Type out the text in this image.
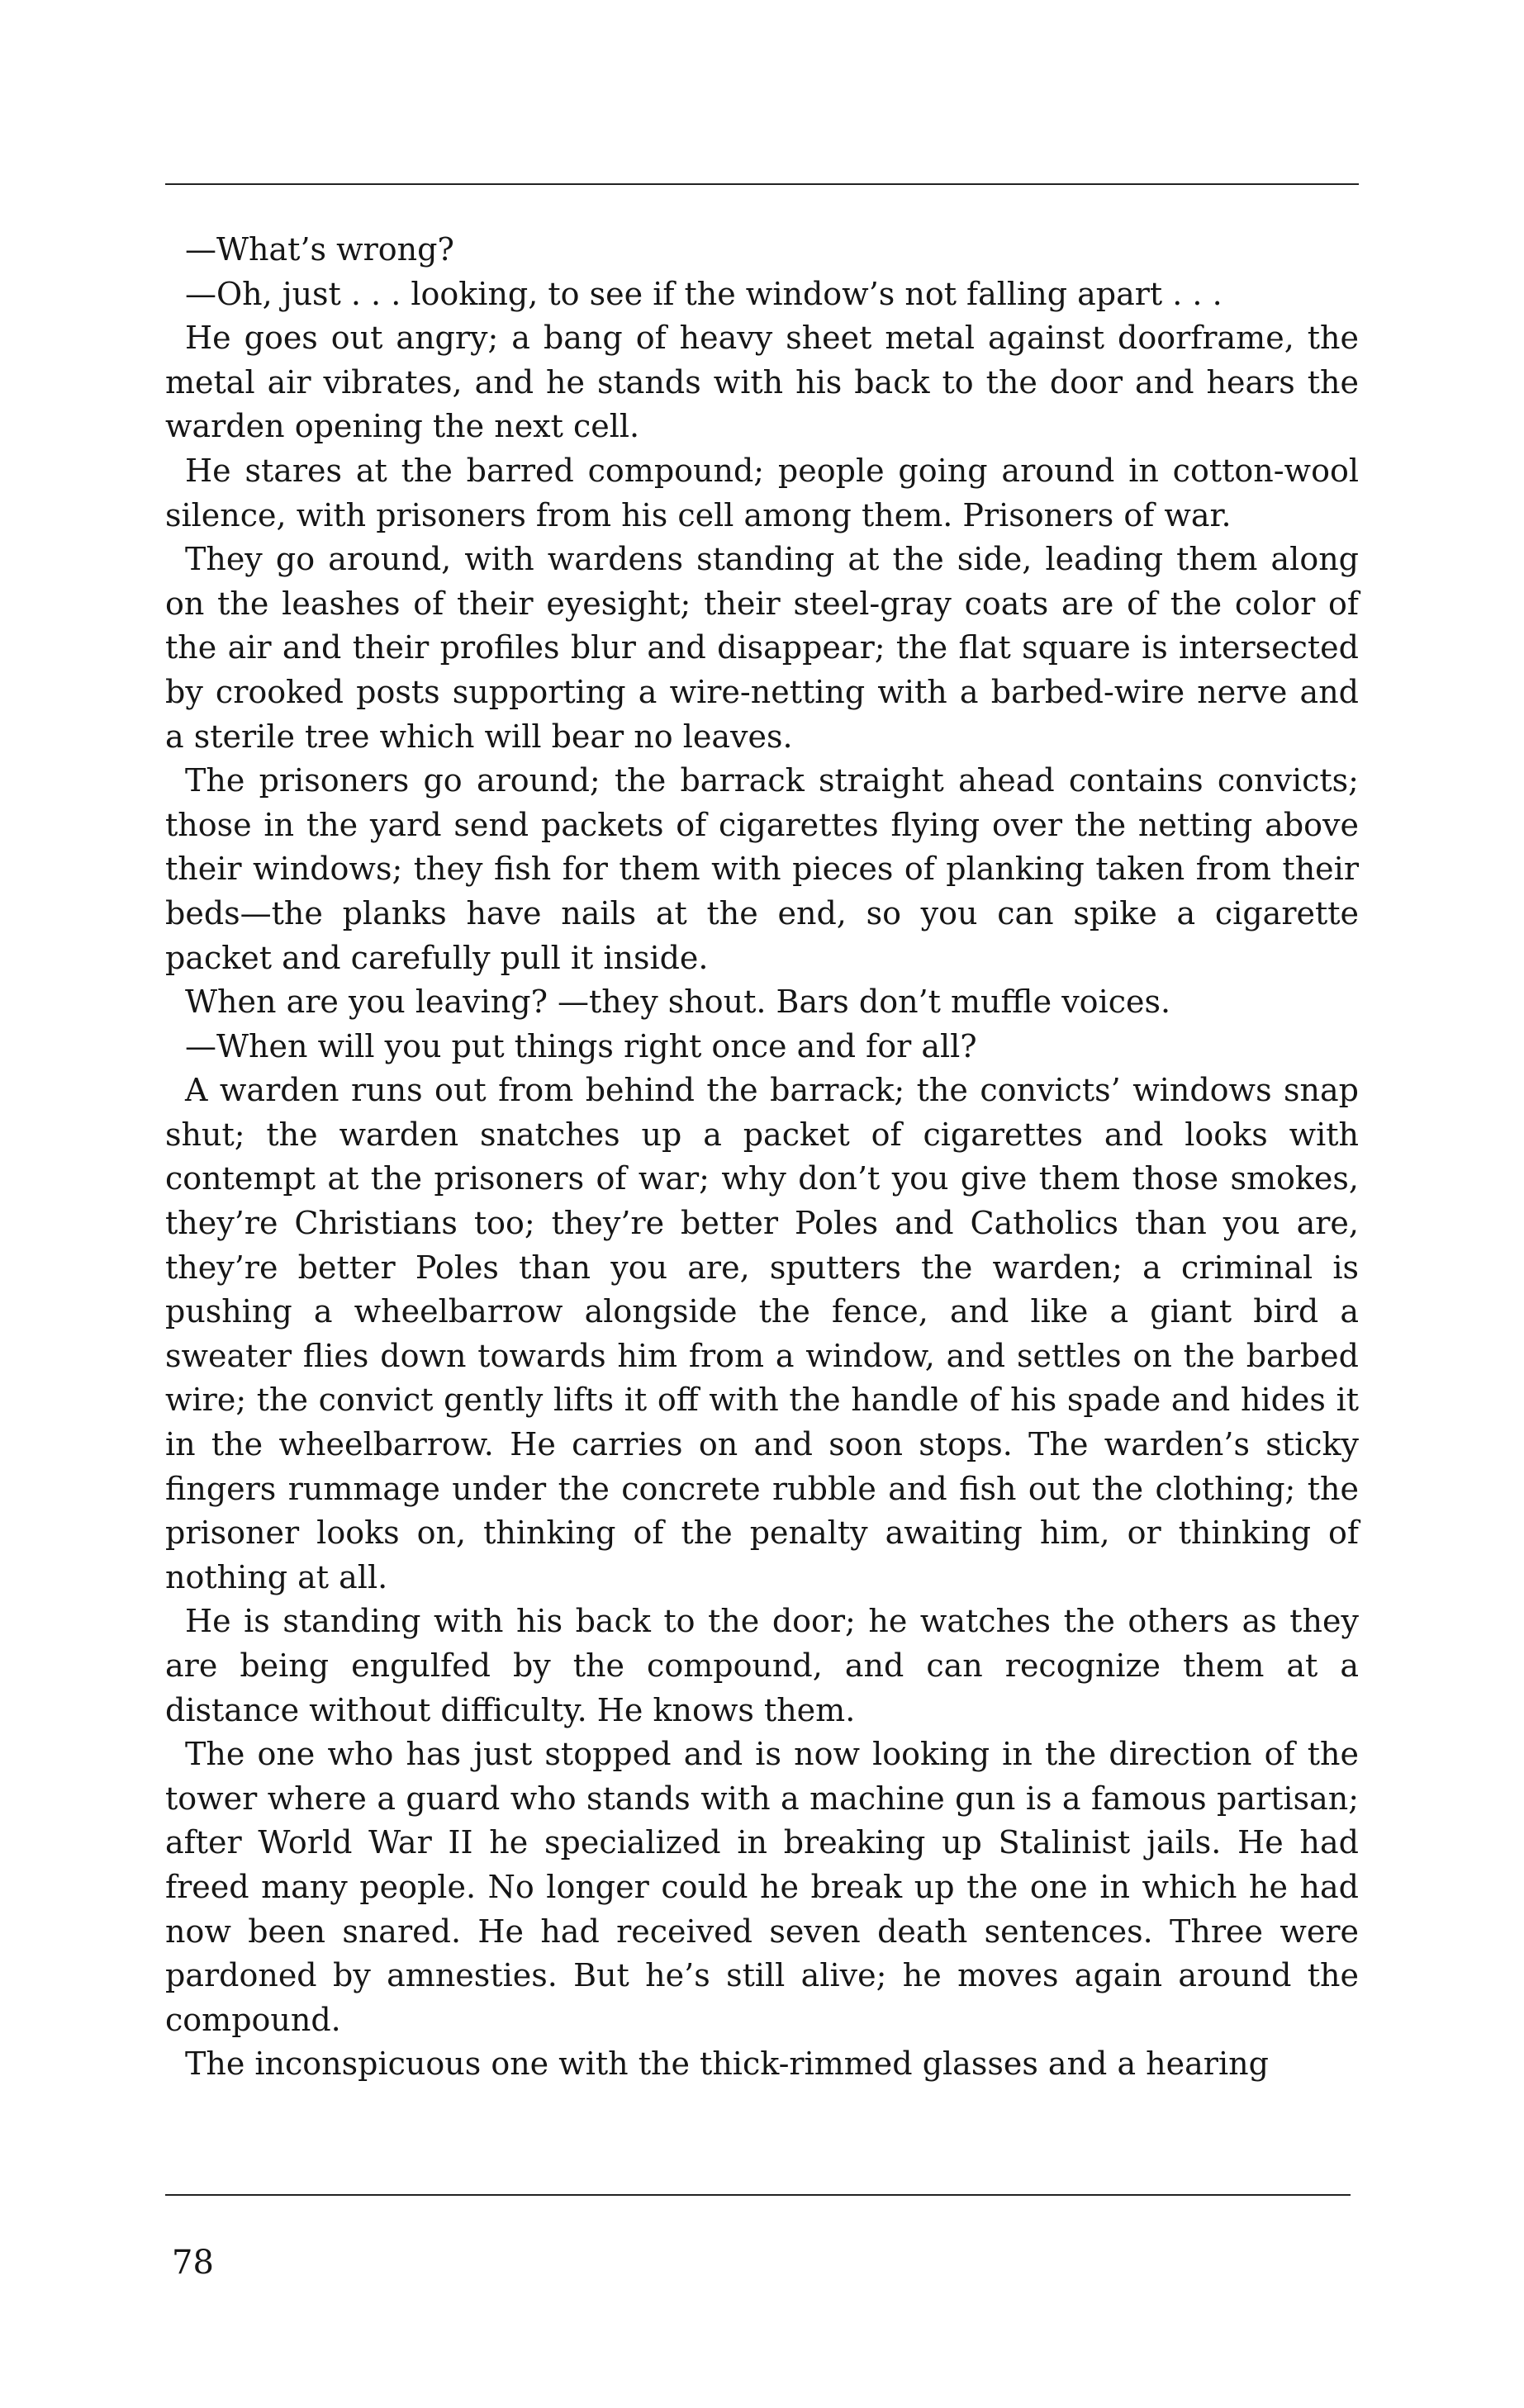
—What’s wrong?

—Oh, just . . . looking, to see if the window’s not falling apart . . .

He goes out angry; a bang of heavy sheet metal against doorframe, the metal air vibrates, and he stands with his back to the door and hears the warden opening the next cell.

He stares at the barred compound; people going around in cotton-wool silence, with prisoners from his cell among them. Prisoners of war.

They go around, with wardens standing at the side, leading them along on the leashes of their eyesight; their steel-gray coats are of the color of the air and their profiles blur and disappear; the flat square is intersected by crooked posts supporting a wire-netting with a barbed-wire nerve and a sterile tree which will bear no leaves.

The prisoners go around; the barrack straight ahead contains convicts; those in the yard send packets of cigarettes flying over the netting above their windows; they fish for them with pieces of planking taken from their beds—the planks have nails at the end, so you can spike a cigarette packet and carefully pull it inside.

When are you leaving? —they shout. Bars don’t muffle voices.

—When will you put things right once and for all?

A warden runs out from behind the barrack; the convicts’ windows snap shut; the warden snatches up a packet of cigarettes and looks with contempt at the prisoners of war; why don’t you give them those smokes, they’re Christians too; they’re better Poles and Catholics than you are, they’re better Poles than you are, sputters the warden; a criminal is pushing a wheelbarrow alongside the fence, and like a giant bird a sweater flies down towards him from a window, and settles on the barbed wire; the convict gently lifts it off with the handle of his spade and hides it in the wheelbarrow. He carries on and soon stops. The warden’s sticky fingers rummage under the concrete rubble and fish out the clothing; the prisoner looks on, thinking of the penalty awaiting him, or thinking of nothing at all.

He is standing with his back to the door; he watches the others as they are being engulfed by the compound, and can recognize them at a distance without difficulty. He knows them.

The one who has just stopped and is now looking in the direction of the tower where a guard who stands with a machine gun is a famous partisan; after World War II he specialized in breaking up Stalinist jails. He had freed many people. No longer could he break up the one in which he had now been snared. He had received seven death sentences. Three were pardoned by amnesties. But he’s still alive; he moves again around the compound.

The inconspicuous one with the thick-rimmed glasses and a hearing

78
